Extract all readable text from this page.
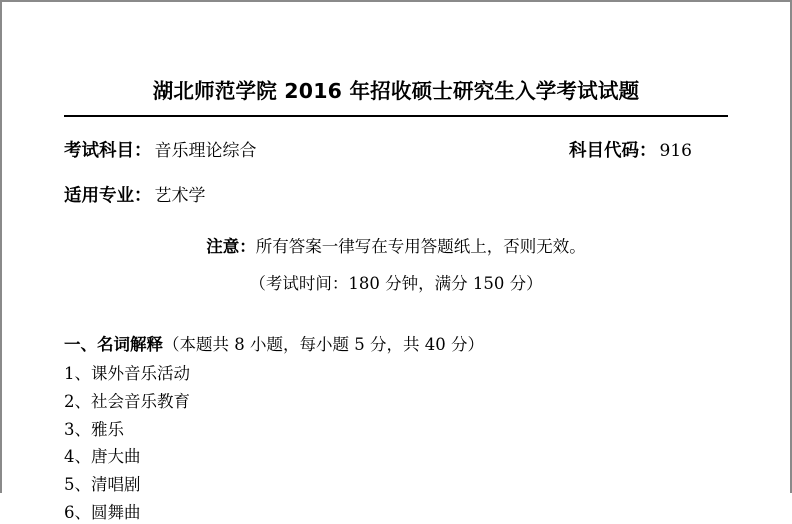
湖北师范学院 2016 年招收硕士研究生入学考试试题
考试科目： 音乐理论综合	科目代码： 916
适用专业： 艺术学
注意：所有答案一律写在专用答题纸上，否则无效。
（考试时间：180 分钟，满分 150 分）
一、名词解释（本题共 8 小题，每小题 5 分，共 40 分）
1、课外音乐活动
2、社会音乐教育
3、雅乐
4、唐大曲
5、清唱剧
6、圆舞曲
